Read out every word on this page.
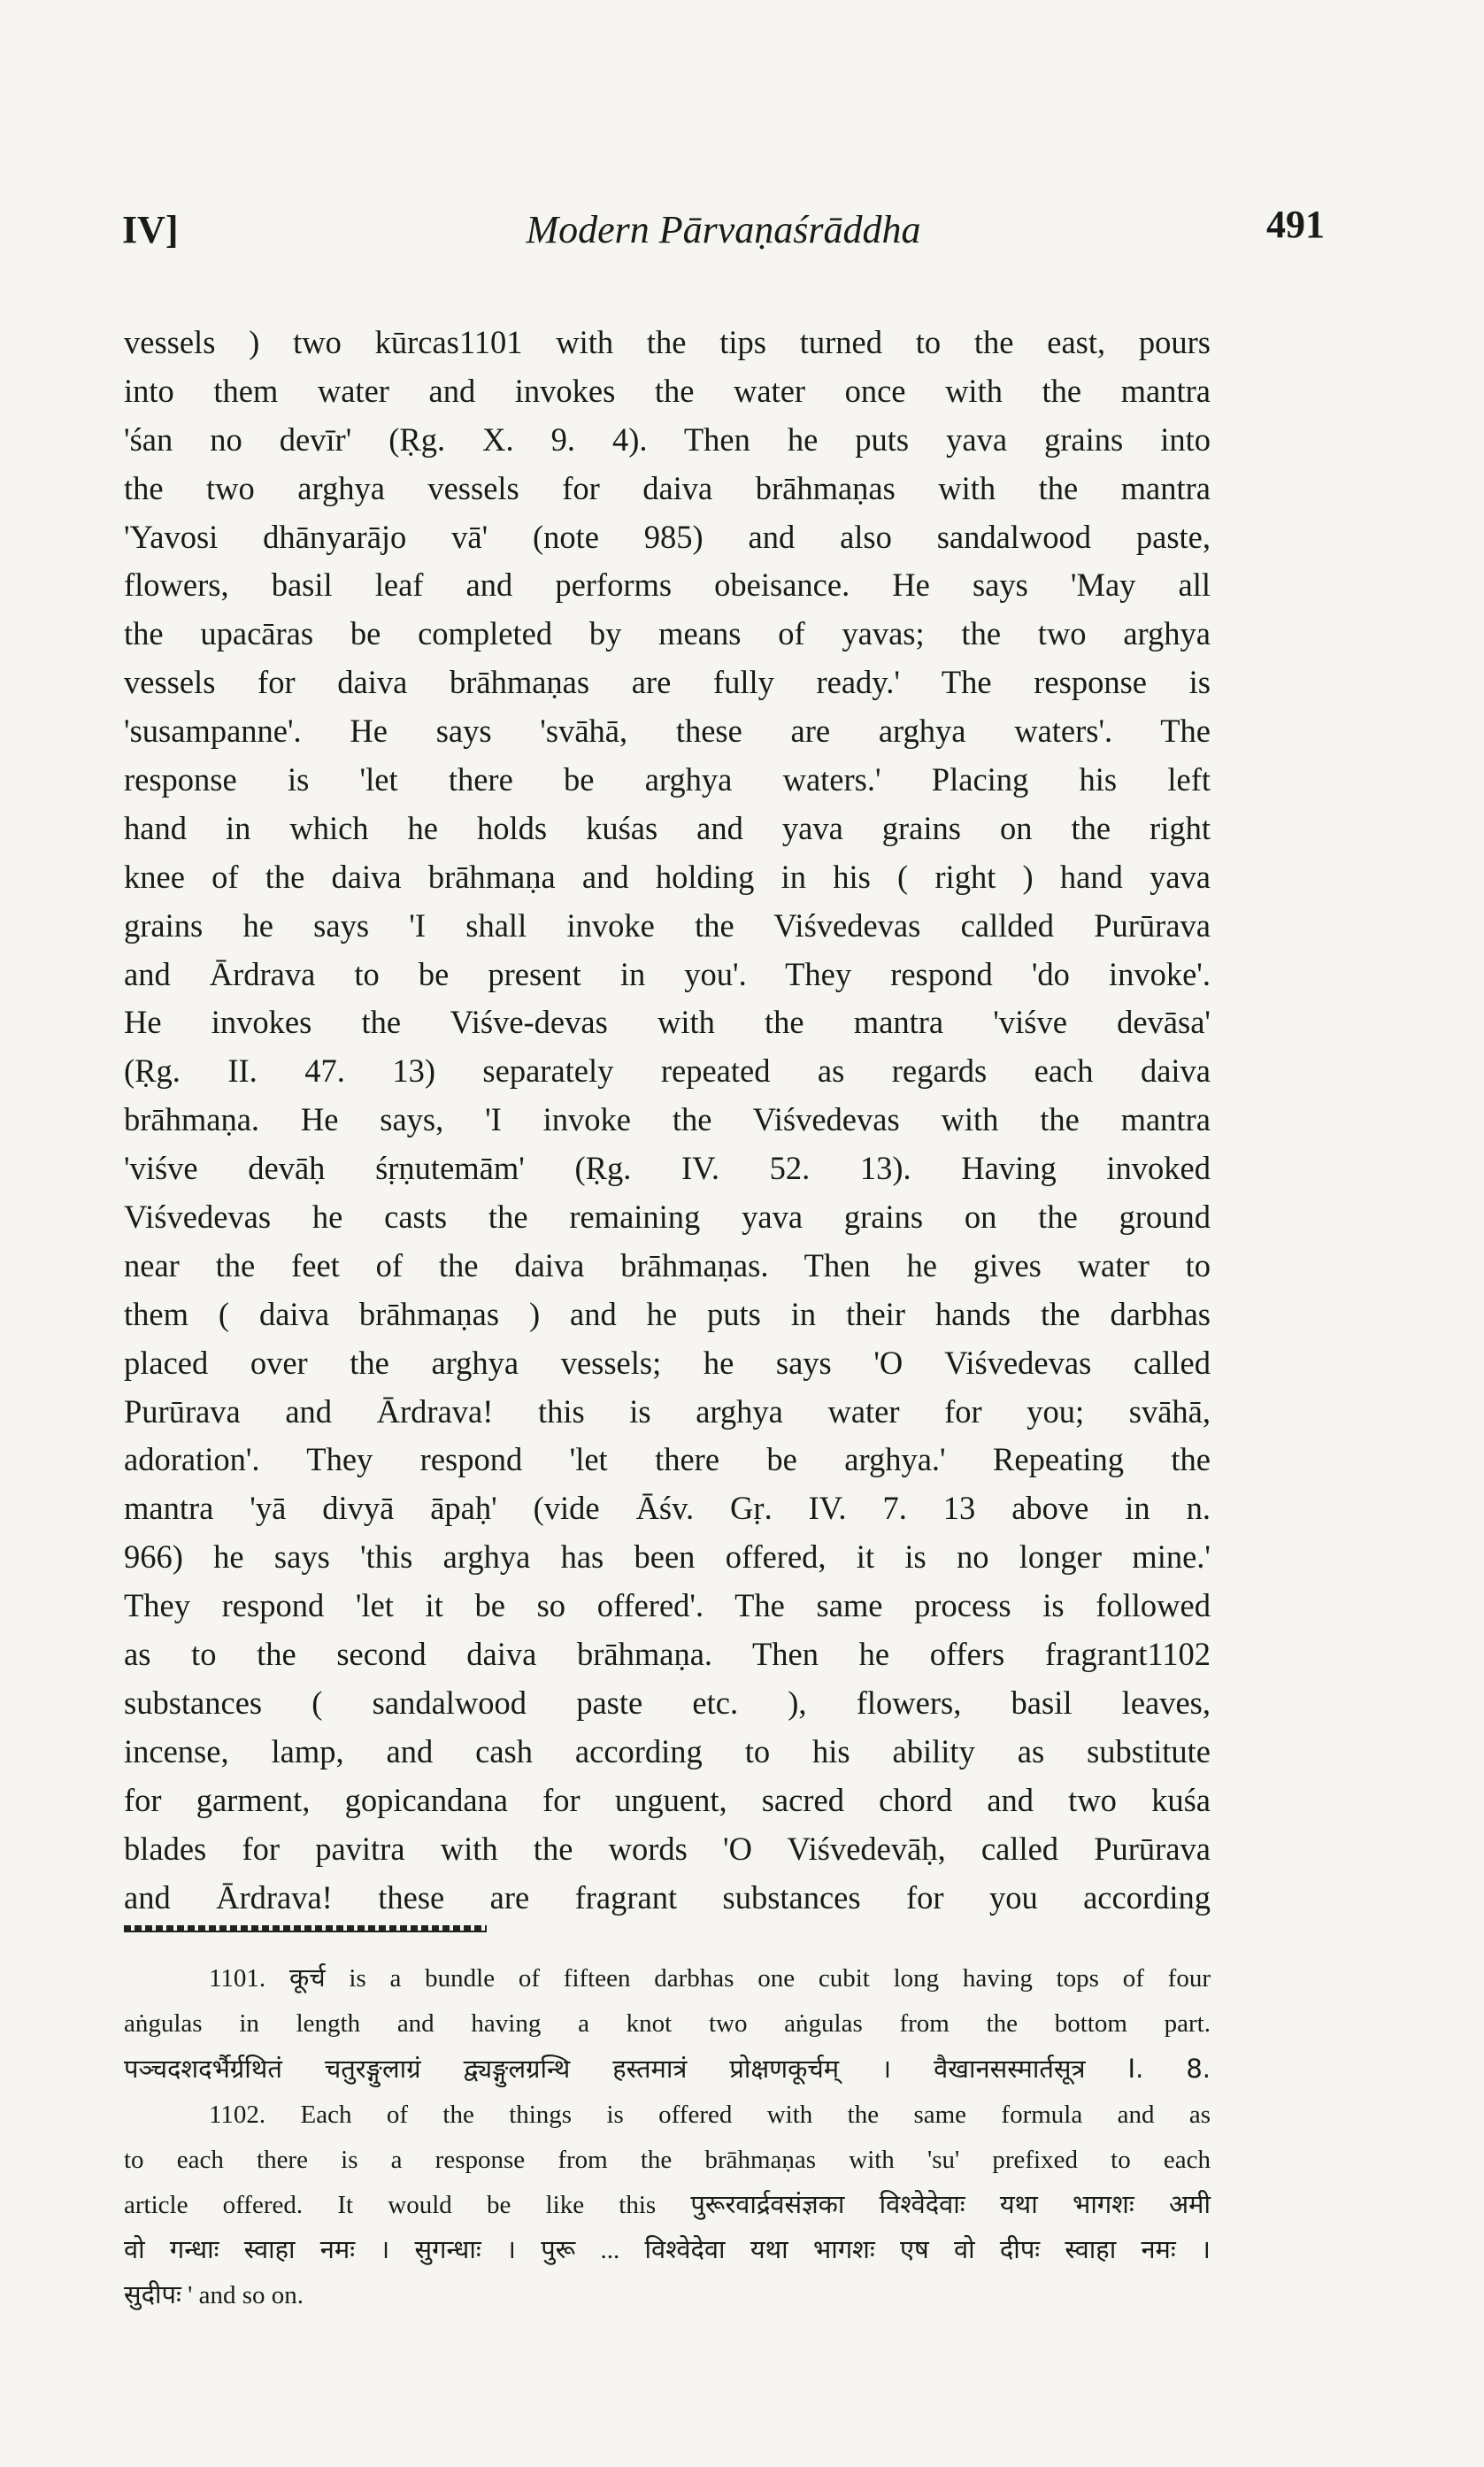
IV]	Modern Pārvaṇaśrāddha	491
vessels ) two kūrcas1101 with the tips turned to the east, pours
into them water and invokes the water once with the mantra
'śan no devīr' (Ṛg. X. 9. 4). Then he puts yava grains into
the two arghya vessels for daiva brāhmaṇas with the mantra
'Yavosi dhānyarājo vā' (note 985) and also sandalwood paste,
flowers, basil leaf and performs obeisance. He says 'May all
the upacāras be completed by means of yavas; the two arghya
vessels for daiva brāhmaṇas are fully ready.' The response is
'susampanne'. He says 'svāhā, these are arghya waters'. The
response is 'let there be arghya waters.' Placing his left
hand in which he holds kuśas and yava grains on the right
knee of the daiva brāhmaṇa and holding in his ( right ) hand yava
grains he says 'I shall invoke the Viśvedevas callded Purūrava
and Ārdrava to be present in you'. They respond 'do invoke'.
He invokes the Viśve-devas with the mantra 'viśve devāsa'
(Ṛg. II. 47. 13) separately repeated as regards each daiva
brāhmaṇa. He says, 'I invoke the Viśvedevas with the mantra
'viśve devāḥ śṛṇutemām' (Ṛg. IV. 52. 13). Having invoked
Viśvedevas he casts the remaining yava grains on the ground
near the feet of the daiva brāhmaṇas. Then he gives water to
them ( daiva brāhmaṇas ) and he puts in their hands the darbhas
placed over the arghya vessels; he says 'O Viśvedevas called
Purūrava and Ārdrava! this is arghya water for you; svāhā,
adoration'. They respond 'let there be arghya.' Repeating the
mantra 'yā divyā āpaḥ' (vide Āśv. Gṛ. IV. 7. 13 above in n.
966) he says 'this arghya has been offered, it is no longer mine.'
They respond 'let it be so offered'. The same process is followed
as to the second daiva brāhmaṇa. Then he offers fragrant1102
substances ( sandalwood paste etc. ), flowers, basil leaves,
incense, lamp, and cash according to his ability as substitute
for garment, gopicandana for unguent, sacred chord and two kuśa
blades for pavitra with the words 'O Viśvedevāḥ, called Purūrava
and Ārdrava! these are fragrant substances for you according
1101. कूर्च is a bundle of fifteen darbhas one cubit long having tops of four
aṅgulas in length and having a knot two aṅgulas from the bottom part.
पञ्चदशदर्भैर्ग्रथितं चतुरङ्गुलाग्रं द्व्यङ्गुलग्रन्थि हस्तमात्रं प्रोक्षणकूर्चम् । वैखानसस्मार्तसूत्र I. 8.
1102. Each of the things is offered with the same formula and as
to each there is a response from the brāhmaṇas with 'su' prefixed to each
article offered. It would be like this पुरूरवार्द्रवसंज्ञका विश्वेदेवाः यथा भागशः अमी
वो गन्धाः स्वाहा नमः । सुगन्धाः । पुरू ... विश्वेदेवा यथा भागशः एष वो दीपः स्वाहा नमः ।
सुदीपः ' and so on.
